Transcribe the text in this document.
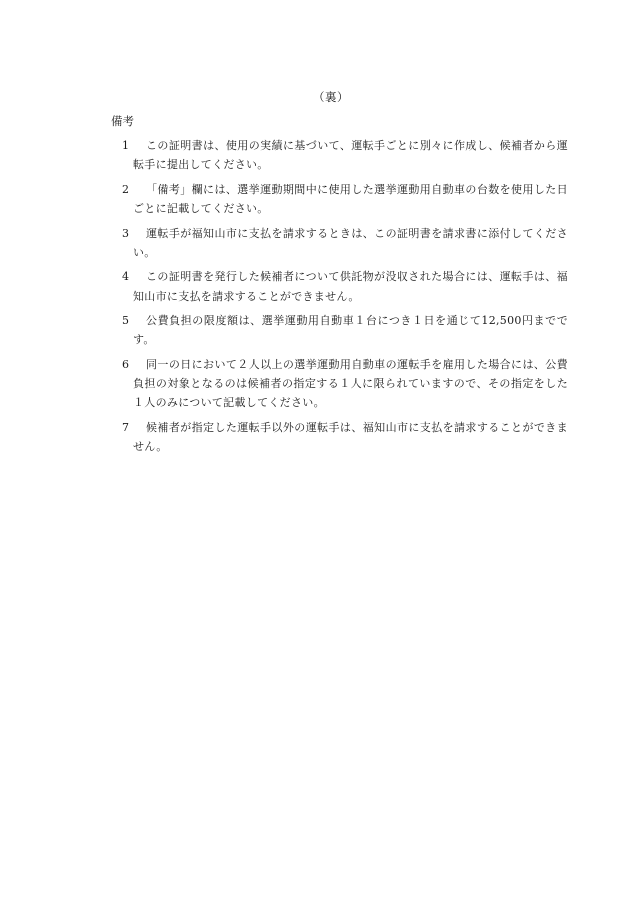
（裏）
備考
1	この証明書は、使用の実績に基づいて、運転手ごとに別々に作成し、候補者から運転手に提出してください。
2	「備考」欄には、選挙運動期間中に使用した選挙運動用自動車の台数を使用した日ごとに記載してください。
3	運転手が福知山市に支払を請求するときは、この証明書を請求書に添付してください。
4	この証明書を発行した候補者について供託物が没収された場合には、運転手は、福知山市に支払を請求することができません。
5	公費負担の限度額は、選挙運動用自動車１台につき１日を通じて12,500円までです。
6	同一の日において２人以上の選挙運動用自動車の運転手を雇用した場合には、公費負担の対象となるのは候補者の指定する１人に限られていますので、その指定をした１人のみについて記載してください。
7	候補者が指定した運転手以外の運転手は、福知山市に支払を請求することができません。
